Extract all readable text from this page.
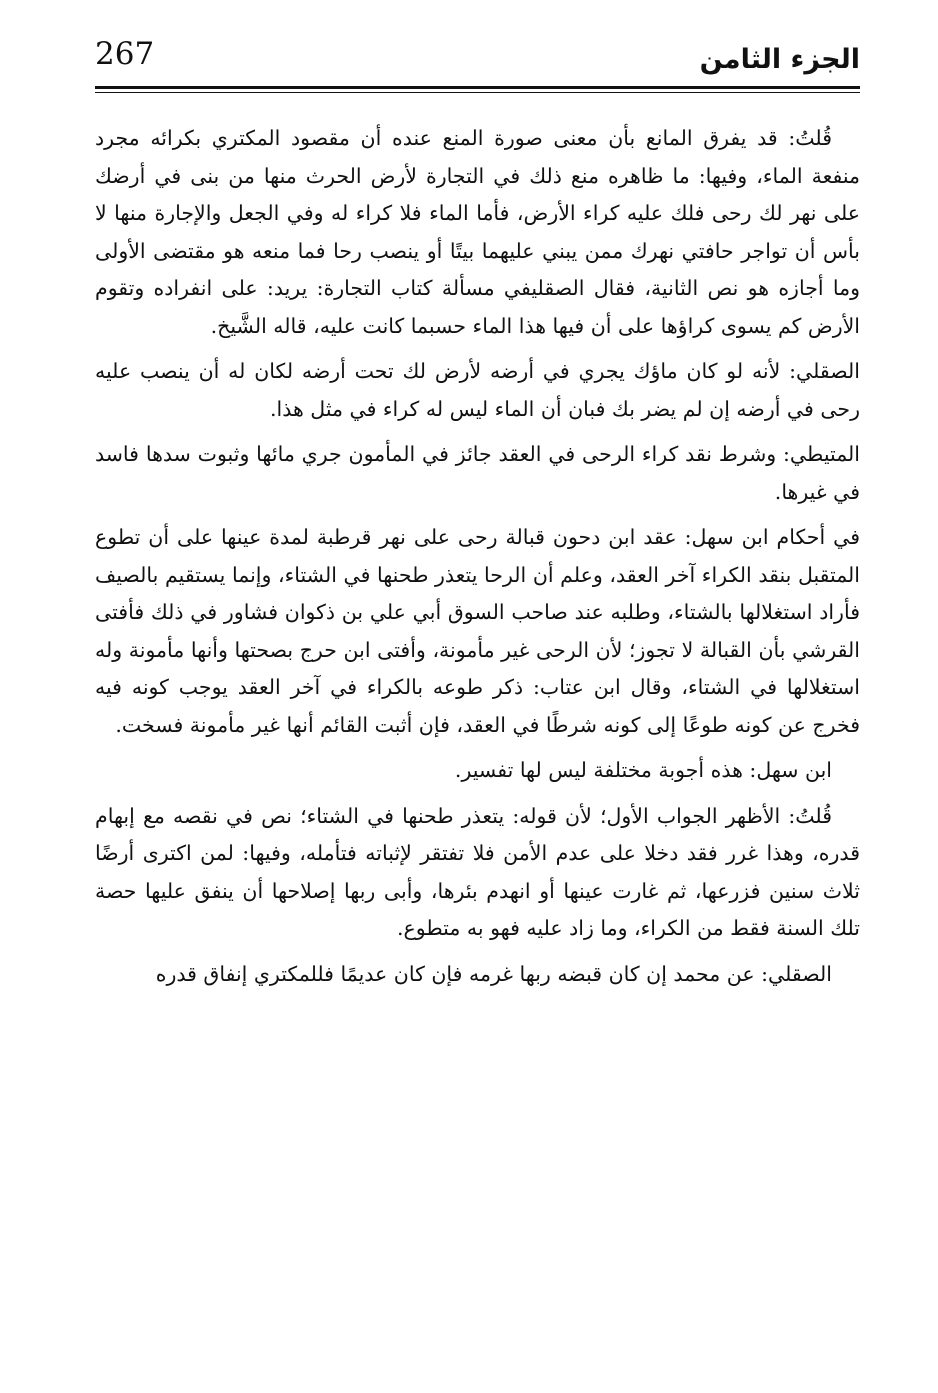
267	الجزء الثامن

قُلتُ: قد يفرق المانع بأن معنى صورة المنع عنده أن مقصود المكتري بكرائه مجرد منفعة الماء، وفيها: ما ظاهره منع ذلك في التجارة لأرض الحرث منها من بنى في أرضك على نهر لك رحى فلك عليه كراء الأرض، فأما الماء فلا كراء له وفي الجعل والإجارة منها لا بأس أن تواجر حافتي نهرك ممن يبني عليهما بيتًا أو ينصب رحا فما منعه هو مقتضى الأولى وما أجازه هو نص الثانية، فقال الصقليفي مسألة كتاب التجارة: يريد: على انفراده وتقوم الأرض كم يسوى كراؤها على أن فيها هذا الماء حسبما كانت عليه، قاله الشَّيخ.

الصقلي: لأنه لو كان ماؤك يجري في أرضه لأرض لك تحت أرضه لكان له أن ينصب عليه رحى في أرضه إن لم يضر بك فبان أن الماء ليس له كراء في مثل هذا.

المتيطي: وشرط نقد كراء الرحى في العقد جائز في المأمون جري مائها وثبوت سدها فاسد في غيرها.

في أحكام ابن سهل: عقد ابن دحون قبالة رحى على نهر قرطبة لمدة عينها على أن تطوع المتقبل بنقد الكراء آخر العقد، وعلم أن الرحا يتعذر طحنها في الشتاء، وإنما يستقيم بالصيف فأراد استغلالها بالشتاء، وطلبه عند صاحب السوق أبي علي بن ذكوان فشاور في ذلك فأفتى القرشي بأن القبالة لا تجوز؛ لأن الرحى غير مأمونة، وأفتى ابن حرج بصحتها وأنها مأمونة وله استغلالها في الشتاء، وقال ابن عتاب: ذكر طوعه بالكراء في آخر العقد يوجب كونه فيه فخرج عن كونه طوعًا إلى كونه شرطًا في العقد، فإن أثبت القائم أنها غير مأمونة فسخت.

ابن سهل: هذه أجوبة مختلفة ليس لها تفسير.

قُلتُ: الأظهر الجواب الأول؛ لأن قوله: يتعذر طحنها في الشتاء؛ نص في نقصه مع إبهام قدره، وهذا غرر فقد دخلا على عدم الأمن فلا تفتقر لإثباته فتأمله، وفيها: لمن اكترى أرضًا ثلاث سنين فزرعها، ثم غارت عينها أو انهدم بئرها، وأبى ربها إصلاحها أن ينفق عليها حصة تلك السنة فقط من الكراء، وما زاد عليه فهو به متطوع.

الصقلي: عن محمد إن كان قبضه ربها غرمه فإن كان عديمًا فللمكتري إنفاق قدره
